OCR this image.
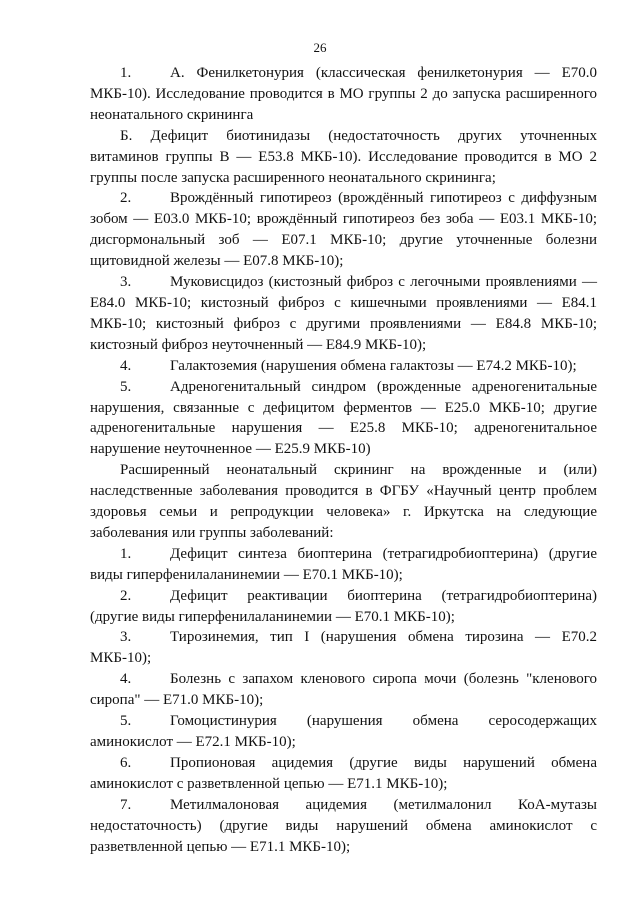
26

1.	А. Фенилкетонурия (классическая фенилкетонурия — E70.0 МКБ-10). Исследование проводится в МО группы 2 до запуска расширенного неонатального скрининга

Б. Дефицит биотинидазы (недостаточность других уточненных витаминов группы В — E53.8 МКБ-10). Исследование проводится в МО 2 группы после запуска расширенного неонатального скрининга;

2.	Врождённый гипотиреоз (врождённый гипотиреоз с диффузным зобом — E03.0 МКБ-10; врождённый гипотиреоз без зоба — E03.1 МКБ-10; дисгормональный зоб — E07.1 МКБ-10; другие уточненные болезни щитовидной железы — E07.8 МКБ-10);

3.	Муковисцидоз (кистозный фиброз с легочными проявлениями — E84.0 МКБ-10; кистозный фиброз с кишечными проявлениями — E84.1 МКБ-10; кистозный фиброз с другими проявлениями — E84.8 МКБ-10; кистозный фиброз неуточненный — E84.9 МКБ-10);

4.	Галактоземия (нарушения обмена галактозы — E74.2 МКБ-10);

5.	Адреногенитальный синдром (врожденные адреногенитальные нарушения, связанные с дефицитом ферментов — E25.0 МКБ-10; другие адреногенитальные нарушения — E25.8 МКБ-10; адреногенитальное нарушение неуточненное — E25.9 МКБ-10)

Расширенный неонатальный скрининг на врожденные и (или) наследственные заболевания проводится в ФГБУ «Научный центр проблем здоровья семьи и репродукции человека» г. Иркутска на следующие заболевания или группы заболеваний:

1.	Дефицит синтеза биоптерина (тетрагидробиоптерина) (другие виды гиперфенилаланинемии — E70.1 МКБ-10);

2.	Дефицит реактивации биоптерина (тетрагидробиоптерина) (другие виды гиперфенилаланинемии — E70.1 МКБ-10);

3.	Тирозинемия, тип I (нарушения обмена тирозина — E70.2 МКБ-10);

4.	Болезнь с запахом кленового сиропа мочи (болезнь "кленового сиропа" — E71.0 МКБ-10);

5.	Гомоцистинурия (нарушения обмена серосодержащих аминокислот — E72.1 МКБ-10);

6.	Пропионовая ацидемия (другие виды нарушений обмена аминокислот с разветвленной цепью — E71.1 МКБ-10);

7.	Метилмалоновая ацидемия (метилмалонил КоА-мутазы недостаточность) (другие виды нарушений обмена аминокислот с разветвленной цепью — E71.1 МКБ-10);
